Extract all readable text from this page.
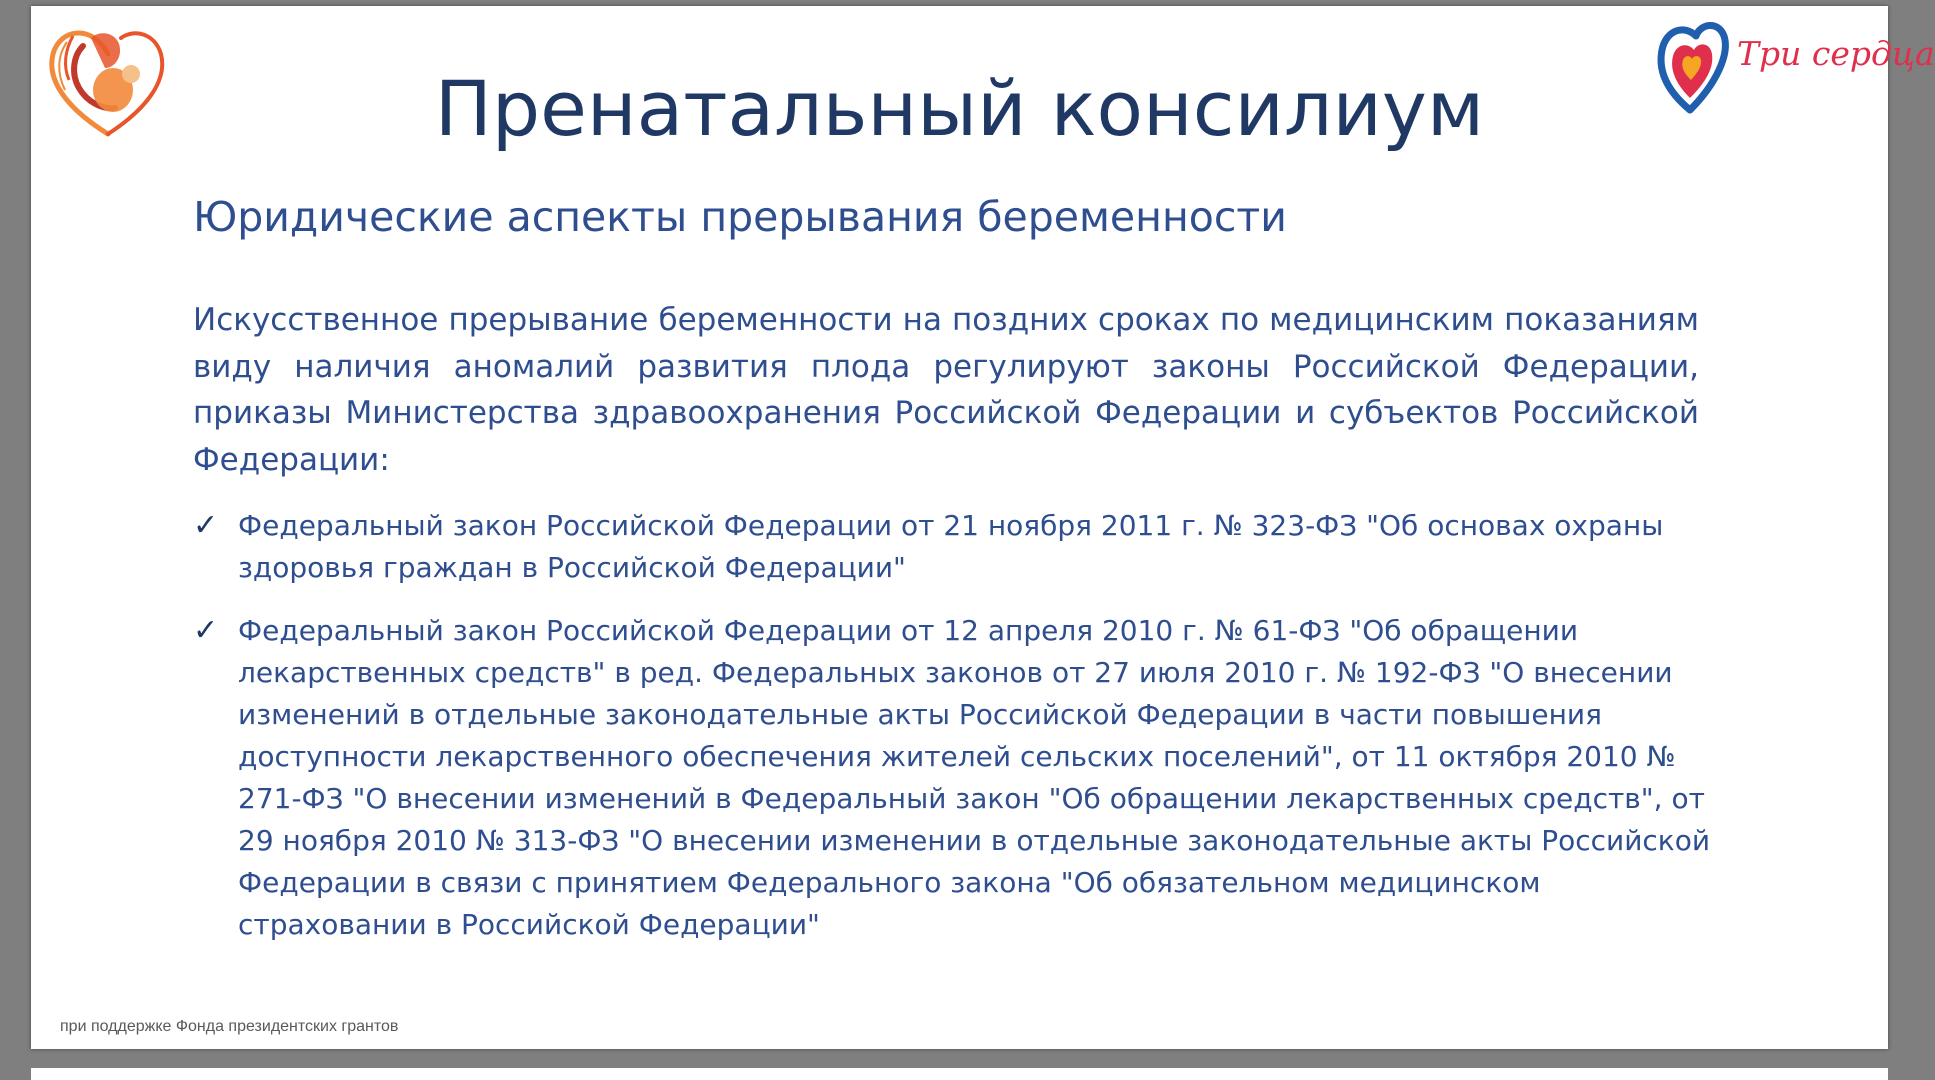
Три сердца
Пренатальный консилиум
Юридические аспекты прерывания беременности

Искусственное прерывание беременности на поздних сроках по медицинским показаниям виду наличия аномалий развития плода регулируют законы Российской Федерации, приказы Министерства здравоохранения Российской Федерации и субъектов Российской Федерации:

✓ Федеральный закон Российской Федерации от 21 ноября 2011 г. № 323-ФЗ "Об основах охраны здоровья граждан в Российской Федерации"
✓ Федеральный закон Российской Федерации от 12 апреля 2010 г. № 61-ФЗ "Об обращении лекарственных средств" в ред. Федеральных законов от 27 июля 2010 г. № 192-ФЗ "О внесении изменений в отдельные законодательные акты Российской Федерации в части повышения доступности лекарственного обеспечения жителей сельских поселений", от 11 октября 2010 № 271-ФЗ "О внесении изменений в Федеральный закон "Об обращении лекарственных средств", от 29 ноября 2010 № 313-ФЗ "О внесении изменении в отдельные законодательные акты Российской Федерации в связи с принятием Федерального закона "Об обязательном медицинском страховании в Российской Федерации"
при поддержке Фонда президентских грантов
